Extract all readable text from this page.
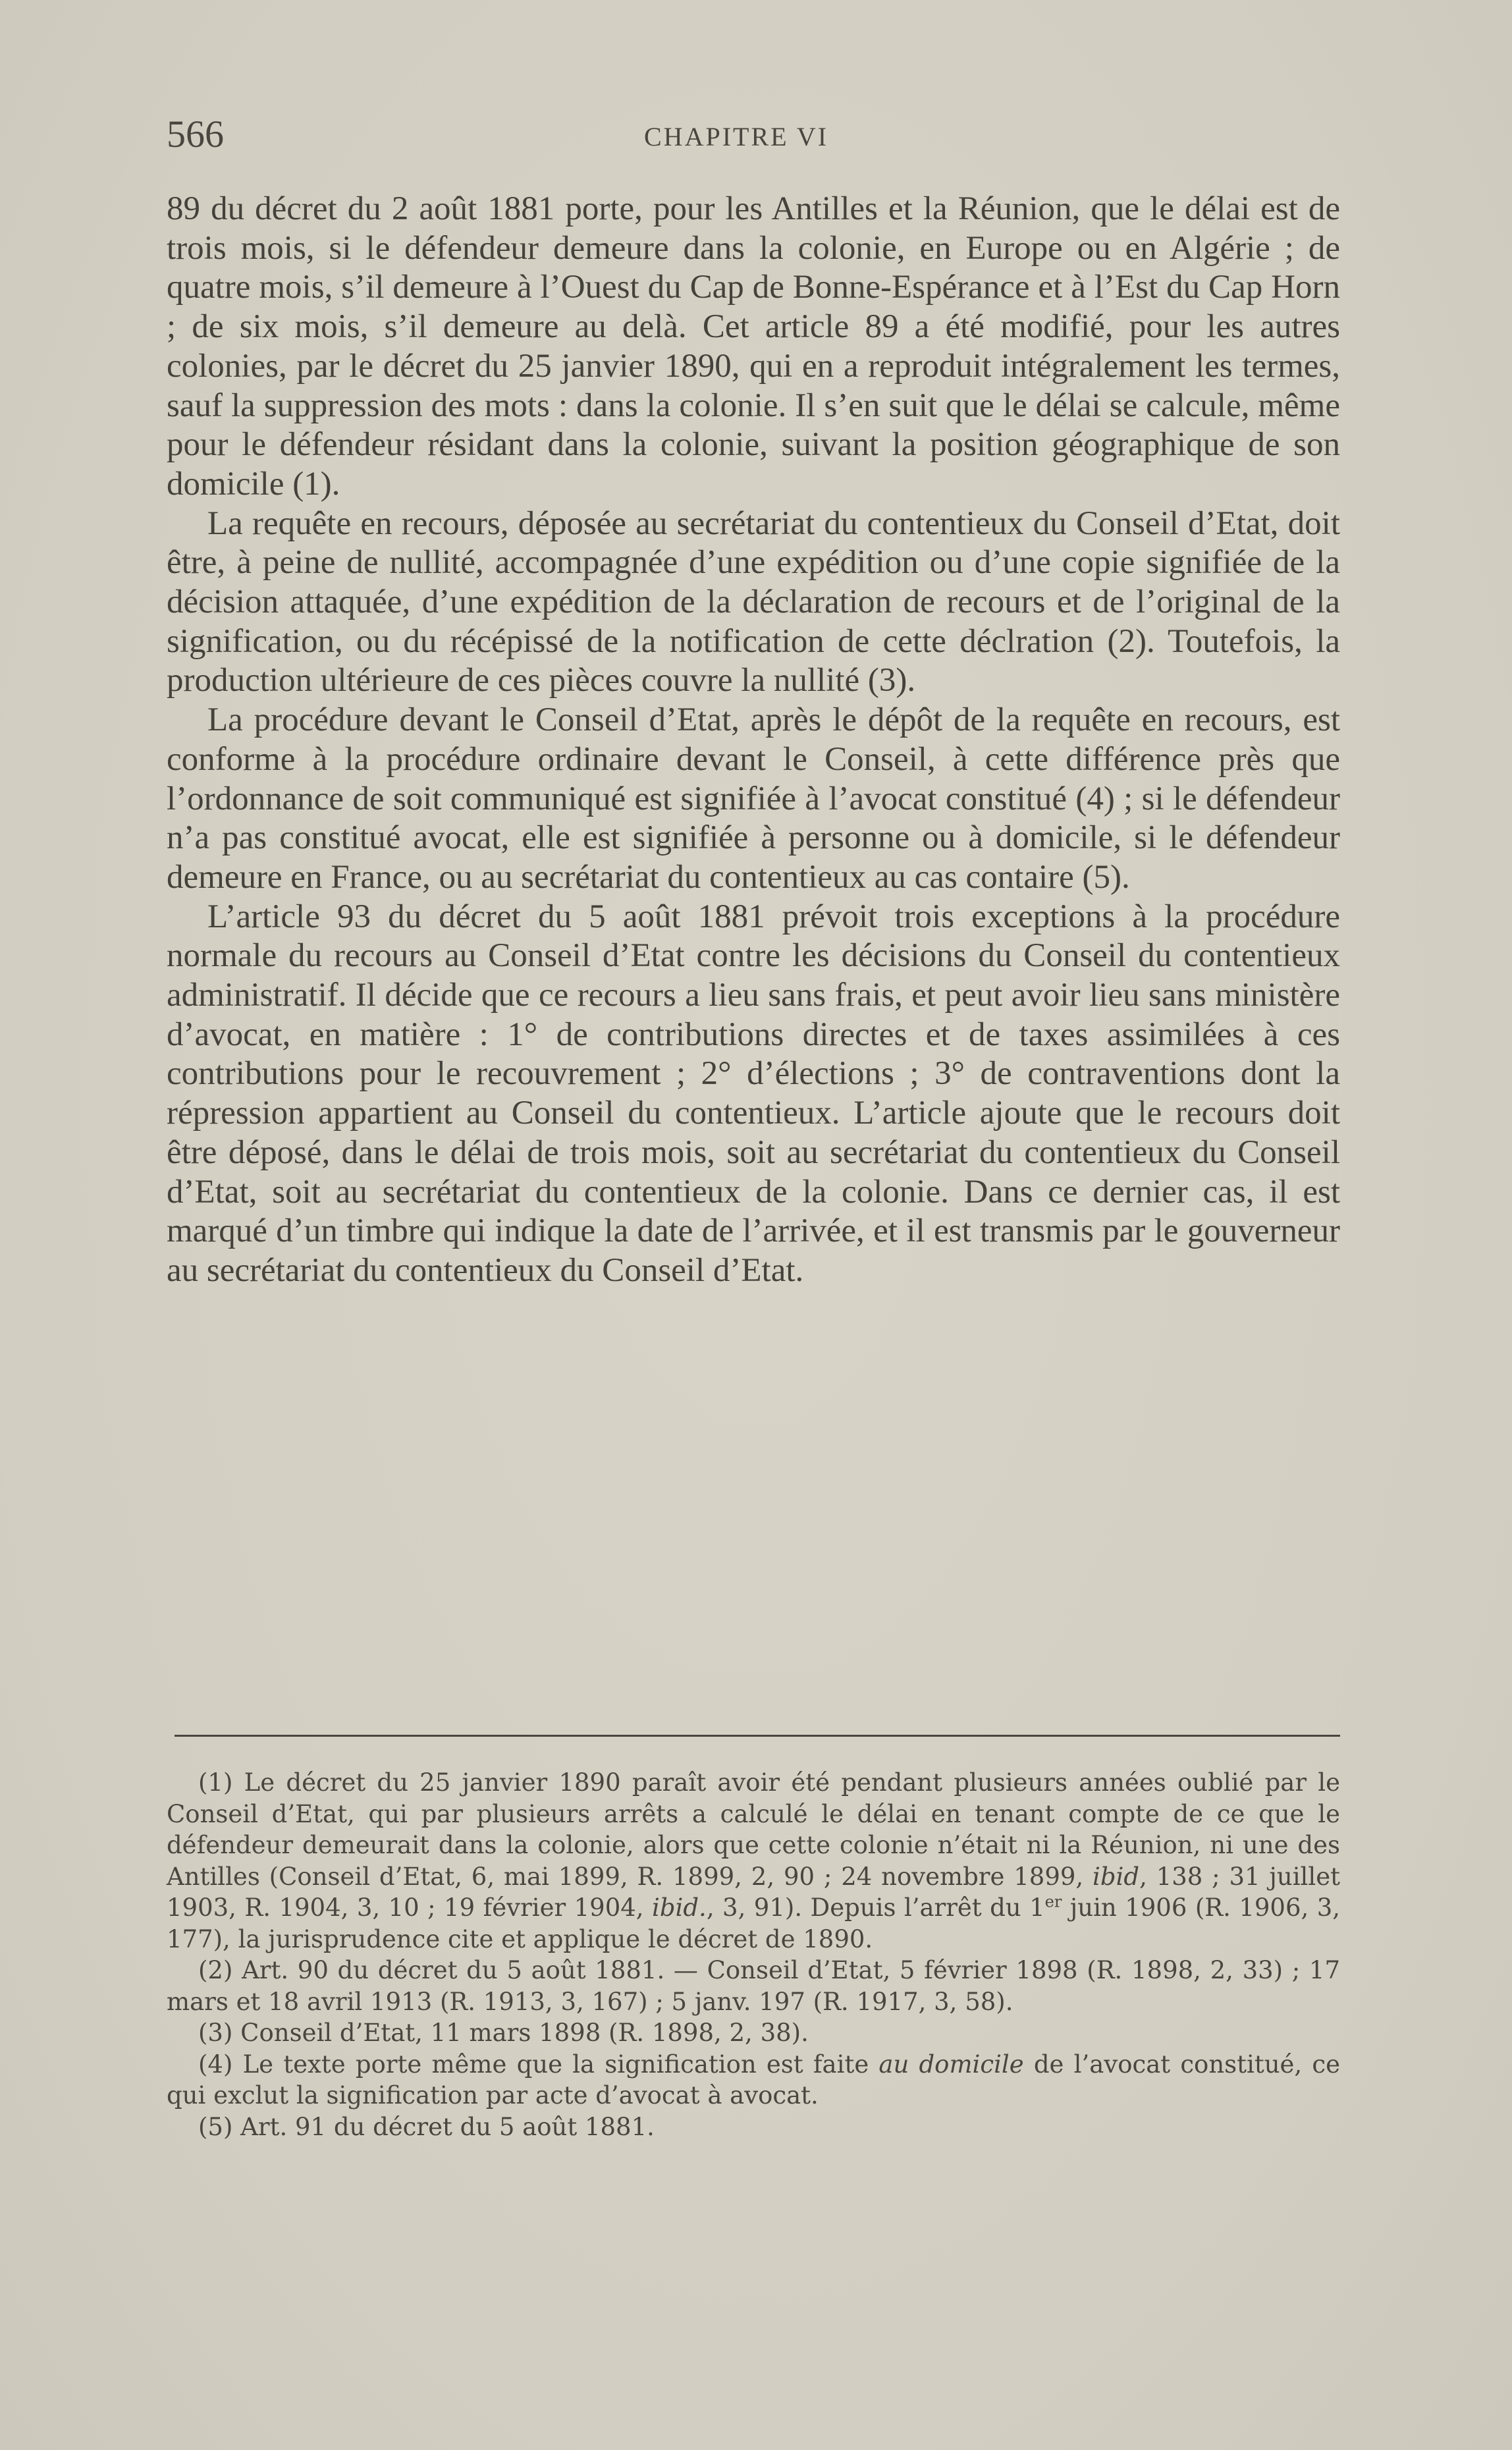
566	CHAPITRE VI

89 du décret du 2 août 1881 porte, pour les Antilles et la Réunion, que le délai est de trois mois, si le défendeur demeure dans la colonie, en Europe ou en Algérie ; de quatre mois, s’il demeure à l’Ouest du Cap de Bonne-Espérance et à l’Est du Cap Horn ; de six mois, s’il demeure au delà. Cet article 89 a été modifié, pour les autres colonies, par le décret du 25 janvier 1890, qui en a reproduit intégralement les termes, sauf la suppression des mots : dans la colonie. Il s’en suit que le délai se calcule, même pour le défendeur résidant dans la colonie, suivant la position géographique de son domicile (1).

La requête en recours, déposée au secrétariat du contentieux du Conseil d’Etat, doit être, à peine de nullité, accompagnée d’une expédition ou d’une copie signifiée de la décision attaquée, d’une expédition de la déclaration de recours et de l’original de la signification, ou du récépissé de la notification de cette déclration (2). Toutefois, la production ultérieure de ces pièces couvre la nullité (3).

La procédure devant le Conseil d’Etat, après le dépôt de la requête en recours, est conforme à la procédure ordinaire devant le Conseil, à cette différence près que l’ordonnance de soit communiqué est signifiée à l’avocat constitué (4) ; si le défendeur n’a pas constitué avocat, elle est signifiée à personne ou à domicile, si le défendeur demeure en France, ou au secrétariat du contentieux au cas contaire (5).

L’article 93 du décret du 5 août 1881 prévoit trois exceptions à la procédure normale du recours au Conseil d’Etat contre les décisions du Conseil du contentieux administratif. Il décide que ce recours a lieu sans frais, et peut avoir lieu sans ministère d’avocat, en matière : 1° de contributions directes et de taxes assimilées à ces contributions pour le recouvrement ; 2° d’élections ; 3° de contraventions dont la répression appartient au Conseil du contentieux. L’article ajoute que le recours doit être déposé, dans le délai de trois mois, soit au secrétariat du contentieux du Conseil d’Etat, soit au secrétariat du contentieux de la colonie. Dans ce dernier cas, il est marqué d’un timbre qui indique la date de l’arrivée, et il est transmis par le gouverneur au secrétariat du contentieux du Conseil d’Etat.

(1) Le décret du 25 janvier 1890 paraît avoir été pendant plusieurs années oublié par le Conseil d’Etat, qui par plusieurs arrêts a calculé le délai en tenant compte de ce que le défendeur demeurait dans la colonie, alors que cette colonie n’était ni la Réunion, ni une des Antilles (Conseil d’Etat, 6, mai 1899, R. 1899, 2, 90 ; 24 novembre 1899, ibid, 138 ; 31 juillet 1903, R. 1904, 3, 10 ; 19 février 1904, ibid., 3, 91). Depuis l’arrêt du 1er juin 1906 (R. 1906, 3, 177), la jurisprudence cite et applique le décret de 1890.

(2) Art. 90 du décret du 5 août 1881. — Conseil d’Etat, 5 février 1898 (R. 1898, 2, 33) ; 17 mars et 18 avril 1913 (R. 1913, 3, 167) ; 5 janv. 197 (R. 1917, 3, 58).

(3) Conseil d’Etat, 11 mars 1898 (R. 1898, 2, 38).

(4) Le texte porte même que la signification est faite au domicile de l’avocat constitué, ce qui exclut la signification par acte d’avocat à avocat.

(5) Art. 91 du décret du 5 août 1881.
